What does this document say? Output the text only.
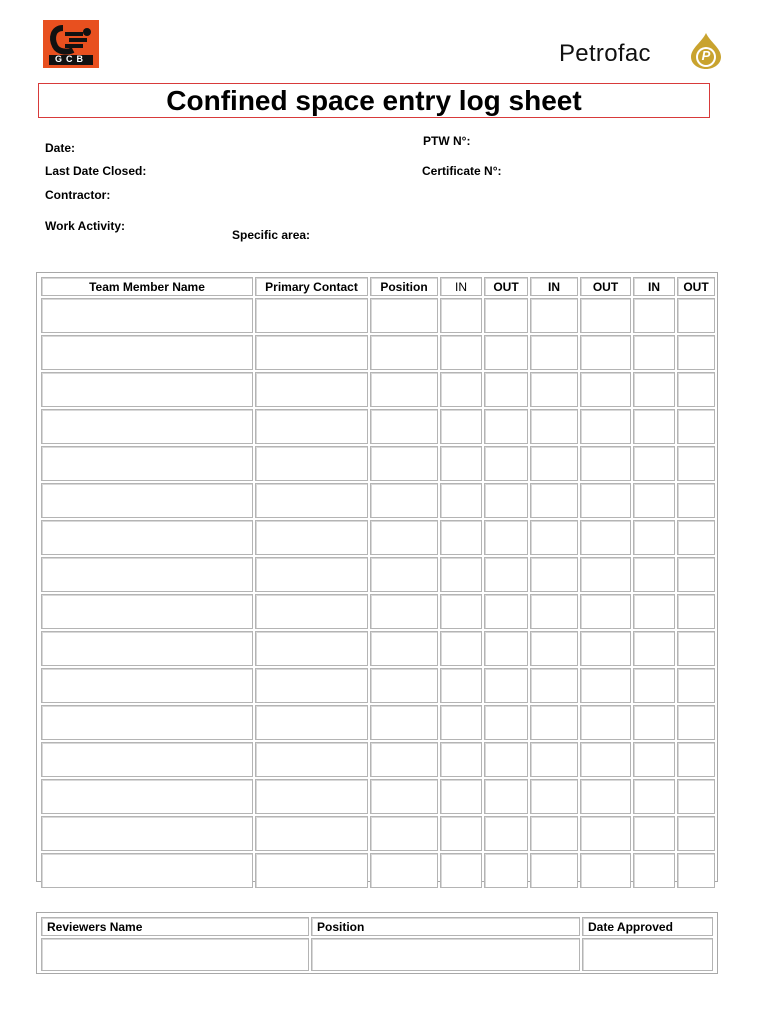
GCB	Petrofac	P
Confined space entry log sheet
Date:
Last Date Closed:
Contractor:
Work Activity:
Specific area:
PTW N°:
Certificate N°:
Team Member Name	Primary Contact	Position	IN	OUT	IN	OUT	IN	OUT

Reviewers Name	Position	Date Approved
